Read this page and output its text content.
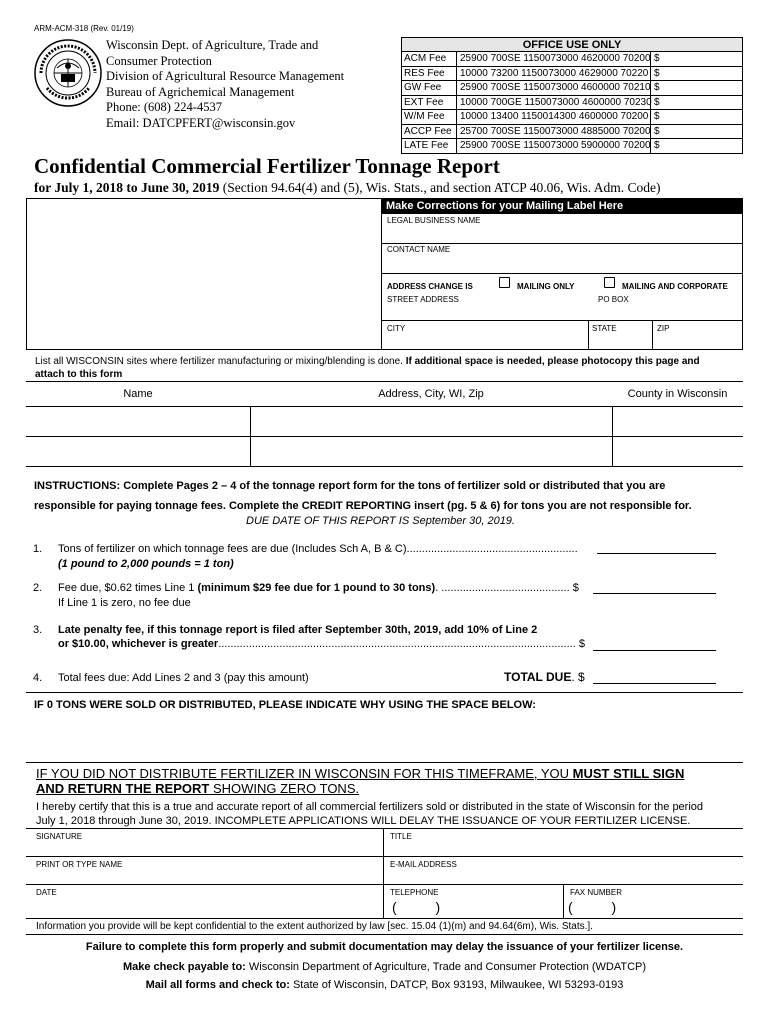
ARM-ACM-318 (Rev. 01/19)
Wisconsin Dept. of Agriculture, Trade and
Consumer Protection
Division of Agricultural Resource Management
Bureau of Agrichemical Management
Phone: (608) 224-4537
Email: DATCPFERT@wisconsin.gov
OFFICE USE ONLY
ACM Fee 25900 700SE 1150073000 4620000 70200 $
RES Fee 10000 73200 1150073000 4629000 70220 $
GW Fee 25900 700SE 1150073000 4600000 70210 $
EXT Fee 10000 700GE 1150073000 4600000 70230 $
W/M Fee 10000 13400 1150014300 4600000 70200 $
ACCP Fee 25700 700SE 1150073000 4885000 70200 $
LATE Fee 25900 700SE 1150073000 5900000 70200 $
Confidential Commercial Fertilizer Tonnage Report
for July 1, 2018 to June 30, 2019 (Section 94.64(4) and (5), Wis. Stats., and section ATCP 40.06, Wis. Adm. Code)
Make Corrections for your Mailing Label Here
LEGAL BUSINESS NAME
CONTACT NAME
ADDRESS CHANGE IS	MAILING ONLY	MAILING AND CORPORATE
STREET ADDRESS	PO BOX
CITY	STATE	ZIP
List all WISCONSIN sites where fertilizer manufacturing or mixing/blending is done. If additional space is needed, please photocopy this page and
attach to this form
Name	Address, City, WI, Zip	County in Wisconsin
INSTRUCTIONS: Complete Pages 2 – 4 of the tonnage report form for the tons of fertilizer sold or distributed that you are
responsible for paying tonnage fees. Complete the CREDIT REPORTING insert (pg. 5 & 6) for tons you are not responsible for.
DUE DATE OF THIS REPORT IS September 30, 2019.
1. Tons of fertilizer on which tonnage fees are due (Includes Sch A, B & C)........................................................
(1 pound to 2,000 pounds = 1 ton)
2. Fee due, $0.62 times Line 1 (minimum $29 fee due for 1 pound to 30 tons). .......................................... $
If Line 1 is zero, no fee due
3. Late penalty fee, if this tonnage report is filed after September 30th, 2019, add 10% of Line 2
or $10.00, whichever is greater..................................................................................................................... $
4. Total fees due: Add Lines 2 and 3 (pay this amount)	TOTAL DUE. $
IF 0 TONS WERE SOLD OR DISTRIBUTED, PLEASE INDICATE WHY USING THE SPACE BELOW:
IF YOU DID NOT DISTRIBUTE FERTILIZER IN WISCONSIN FOR THIS TIMEFRAME, YOU MUST STILL SIGN
AND RETURN THE REPORT SHOWING ZERO TONS.
I hereby certify that this is a true and accurate report of all commercial fertilizers sold or distributed in the state of Wisconsin for the period
July 1, 2018 through June 30, 2019. INCOMPLETE APPLICATIONS WILL DELAY THE ISSUANCE OF YOUR FERTILIZER LICENSE.
SIGNATURE	TITLE
PRINT OR TYPE NAME	E-MAIL ADDRESS
DATE	TELEPHONE	FAX NUMBER
(          )	(          )
Information you provide will be kept confidential to the extent authorized by law [sec. 15.04 (1)(m) and 94.64(6m), Wis. Stats.].
Failure to complete this form properly and submit documentation may delay the issuance of your fertilizer license.
Make check payable to: Wisconsin Department of Agriculture, Trade and Consumer Protection (WDATCP)
Mail all forms and check to: State of Wisconsin, DATCP, Box 93193, Milwaukee, WI 53293-0193
